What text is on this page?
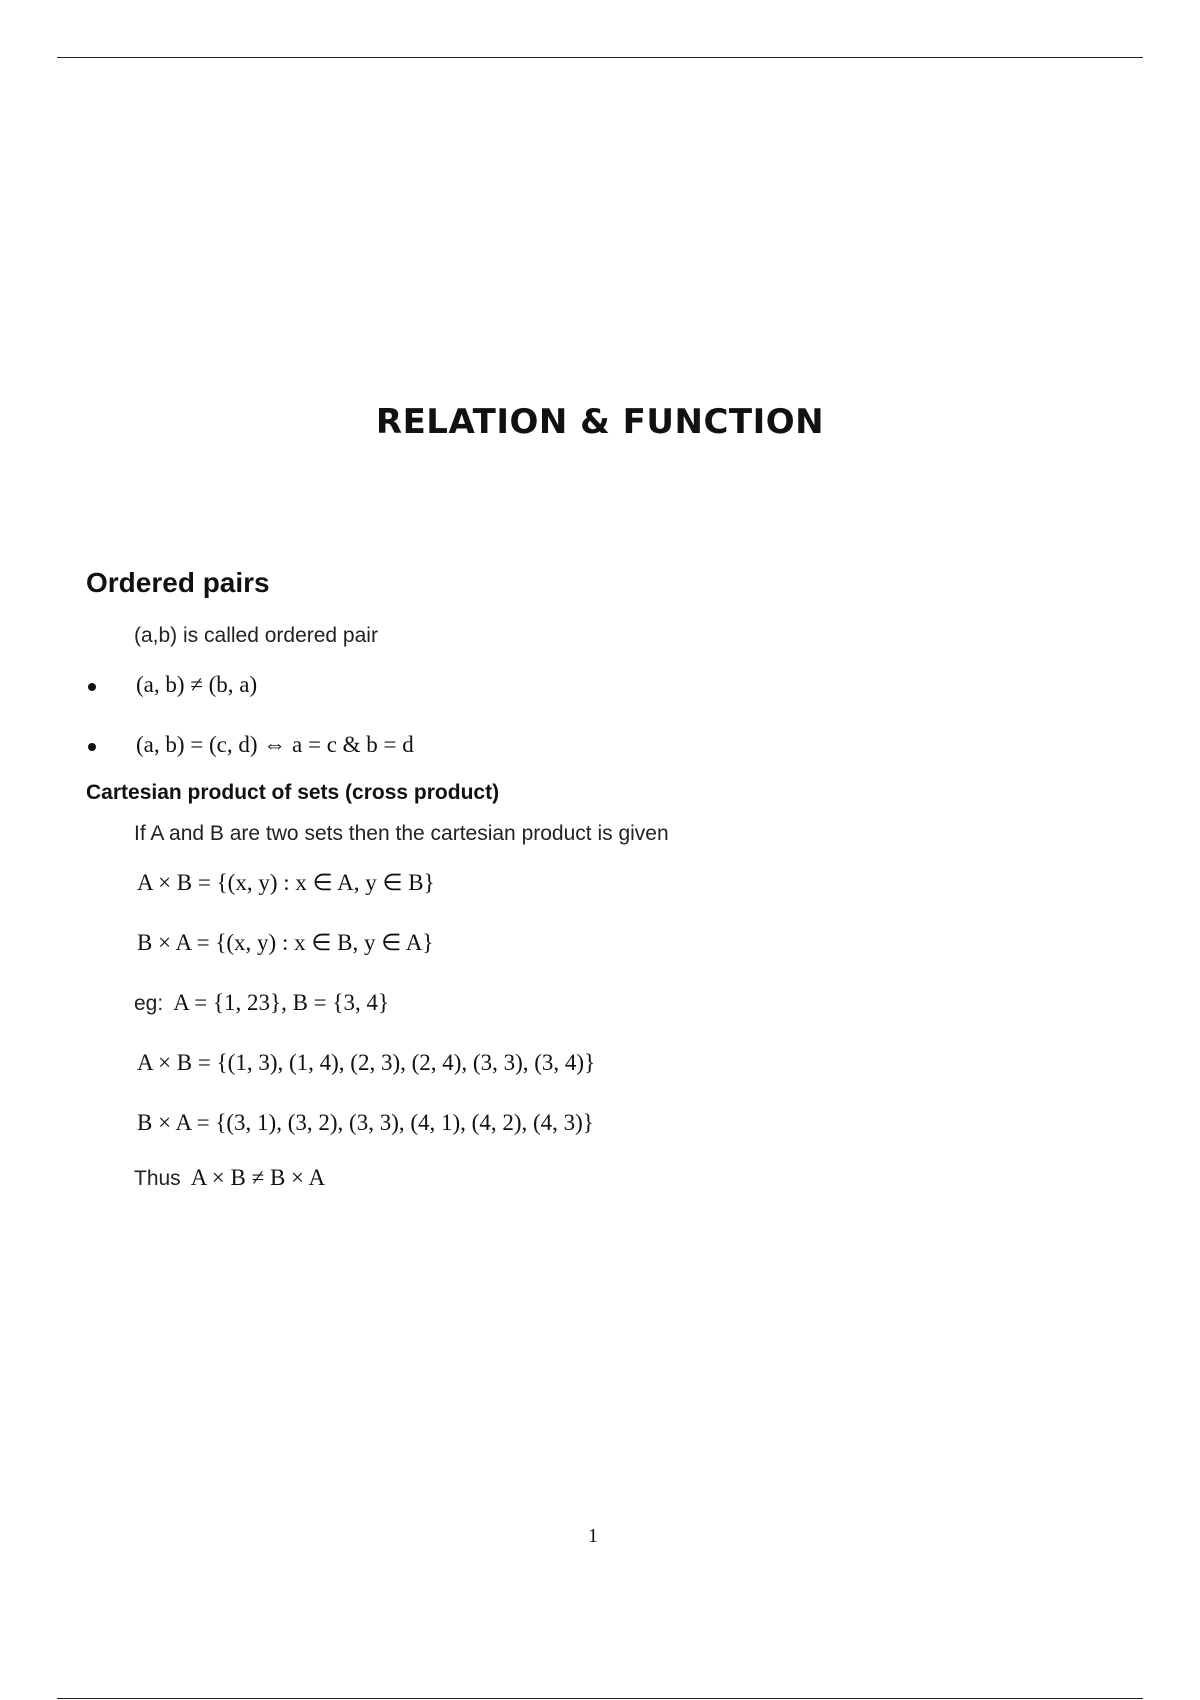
RELATION & FUNCTION
Ordered pairs
(a,b) is called ordered pair
(a, b) ≠ (b, a)
(a, b) = (c, d) ⇔ a = c & b = d
Cartesian product of sets (cross product)
If A and B are two sets then the cartesian product is given
A × B = {(x, y) : x ∈ A, y ∈ B}
B × A = {(x, y) : x ∈ B, y ∈ A}
eg: A = {1, 23}, B = {3, 4}
A × B = {(1, 3), (1, 4), (2, 3), (2, 4), (3, 3), (3, 4)}
B × A = {(3, 1), (3, 2), (3, 3), (4, 1), (4, 2), (4, 3)}
Thus A × B ≠ B × A
1
